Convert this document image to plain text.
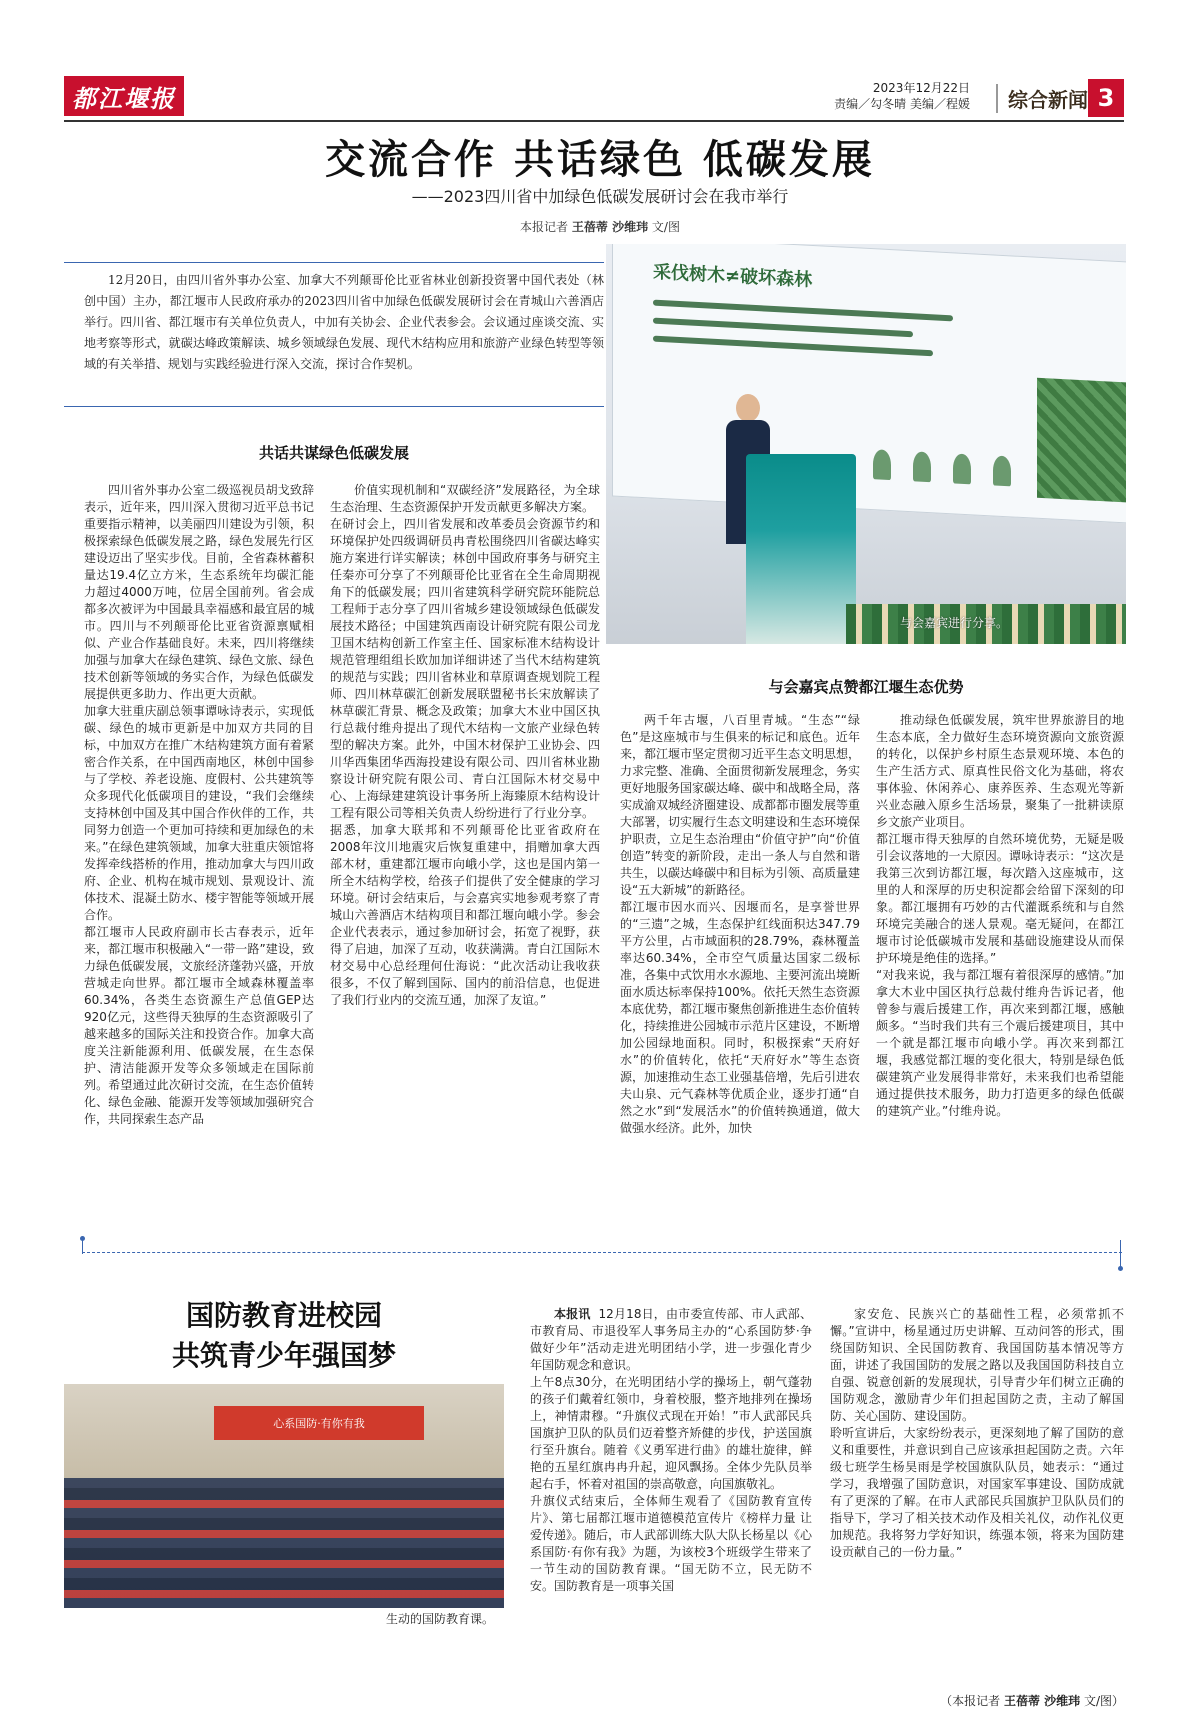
都江堰报	2023年12月22日
责编／勾冬晴 美编／程媛	综合新闻 3
交流合作 共话绿色 低碳发展
——2023四川省中加绿色低碳发展研讨会在我市举行
本报记者 王蓓蒂 沙维玮 文/图
12月20日，由四川省外事办公室、加拿大不列颠哥伦比亚省林业创新投资署中国代表处（林创中国）主办，都江堰市人民政府承办的2023四川省中加绿色低碳发展研讨会在青城山六善酒店举行。四川省、都江堰市有关单位负责人，中加有关协会、企业代表参会。会议通过座谈交流、实地考察等形式，就碳达峰政策解读、城乡领域绿色发展、现代木结构应用和旅游产业绿色转型等领域的有关举措、规划与实践经验进行深入交流，探讨合作契机。
采伐树木≠破坏森林
与会嘉宾进行分享。
共话共谋绿色低碳发展
与会嘉宾点赞都江堰生态优势
四川省外事办公室二级巡视员胡戈致辞表示，近年来，四川深入贯彻习近平总书记重要指示精神，以美丽四川建设为引领，积极探索绿色低碳发展之路，绿色发展先行区建设迈出了坚实步伐。目前，全省森林蓄积量达19.4亿立方米，生态系统年均碳汇能力超过4000万吨，位居全国前列。省会成都多次被评为中国最具幸福感和最宜居的城市。四川与不列颠哥伦比亚省资源禀赋相似、产业合作基础良好。未来，四川将继续加强与加拿大在绿色建筑、绿色文旅、绿色技术创新等领域的务实合作，为绿色低碳发展提供更多助力、作出更大贡献。
加拿大驻重庆副总领事谭咏诗表示，实现低碳、绿色的城市更新是中加双方共同的目标，中加双方在推广木结构建筑方面有着紧密合作关系，在中国西南地区，林创中国参与了学校、养老设施、度假村、公共建筑等众多现代化低碳项目的建设，“我们会继续支持林创中国及其中国合作伙伴的工作，共同努力创造一个更加可持续和更加绿色的未来。”在绿色建筑领域，加拿大驻重庆领馆将发挥牵线搭桥的作用，推动加拿大与四川政府、企业、机构在城市规划、景观设计、流体技术、混凝土防水、楼宇智能等领域开展合作。
都江堰市人民政府副市长古春表示，近年来，都江堰市积极融入“一带一路”建设，致力绿色低碳发展，文旅经济蓬勃兴盛，开放营城走向世界。都江堰市全域森林覆盖率60.34%，各类生态资源生产总值GEP达920亿元，这些得天独厚的生态资源吸引了越来越多的国际关注和投资合作。加拿大高度关注新能源利用、低碳发展，在生态保护、清洁能源开发等众多领域走在国际前列。希望通过此次研讨交流，在生态价值转化、绿色金融、能源开发等领域加强研究合作，共同探索生态产品
价值实现机制和“双碳经济”发展路径，为全球生态治理、生态资源保护开发贡献更多解决方案。
在研讨会上，四川省发展和改革委员会资源节约和环境保护处四级调研员冉青松围绕四川省碳达峰实施方案进行详实解读；林创中国政府事务与研究主任秦亦可分享了不列颠哥伦比亚省在全生命周期视角下的低碳发展；四川省建筑科学研究院环能院总工程师于志分享了四川省城乡建设领域绿色低碳发展技术路径；中国建筑西南设计研究院有限公司龙卫国木结构创新工作室主任、国家标准木结构设计规范管理组组长欧加加详细讲述了当代木结构建筑的规范与实践；四川省林业和草原调查规划院工程师、四川林草碳汇创新发展联盟秘书长宋放解读了林草碳汇背景、概念及政策；加拿大木业中国区执行总裁付维舟提出了现代木结构一文旅产业绿色转型的解决方案。此外，中国木材保护工业协会、四川华西集团华西海投建设有限公司、四川省林业勘察设计研究院有限公司、青白江国际木材交易中心、上海绿建建筑设计事务所上海臻原木结构设计工程有限公司等相关负责人纷纷进行了行业分享。
据悉，加拿大联邦和不列颠哥伦比亚省政府在2008年汶川地震灾后恢复重建中，捐赠加拿大西部木材，重建都江堰市向峨小学，这也是国内第一所全木结构学校，给孩子们提供了安全健康的学习环境。研讨会结束后，与会嘉宾实地参观考察了青城山六善酒店木结构项目和都江堰向峨小学。参会企业代表表示，通过参加研讨会，拓宽了视野，获得了启迪，加深了互动，收获满满。青白江国际木材交易中心总经理何仕海说：“此次活动让我收获很多，不仅了解到国际、国内的前沿信息，也促进了我们行业内的交流互通，加深了友谊。”
两千年古堰，八百里青城。“生态”“绿色”是这座城市与生俱来的标记和底色。近年来，都江堰市坚定贯彻习近平生态文明思想，力求完整、准确、全面贯彻新发展理念，务实更好地服务国家碳达峰、碳中和战略全局，落实成渝双城经济圈建设、成都都市圈发展等重大部署，切实履行生态文明建设和生态环境保护职责，立足生态治理由“价值守护”向“价值创造”转变的新阶段，走出一条人与自然和谐共生，以碳达峰碳中和目标为引领、高质量建设“五大新城”的新路径。
都江堰市因水而兴、因堰而名，是享誉世界的“三遗”之城，生态保护红线面积达347.79平方公里，占市域面积的28.79%，森林覆盖率达60.34%，全市空气质量达国家二级标准，各集中式饮用水水源地、主要河流出境断面水质达标率保持100%。依托天然生态资源本底优势，都江堰市聚焦创新推进生态价值转化，持续推进公园城市示范片区建设，不断增加公园绿地面积。同时，积极探索“天府好水”的价值转化，依托“天府好水”等生态资源，加速推动生态工业强基倍增，先后引进农夫山泉、元气森林等优质企业，逐步打通“自然之水”到“发展活水”的价值转换通道，做大做强水经济。此外，加快
推动绿色低碳发展，筑牢世界旅游目的地生态本底，全力做好生态环境资源向文旅资源的转化，以保护乡村原生态景观环境、本色的生产生活方式、原真性民俗文化为基础，将农事体验、休闲养心、康养医养、生态观光等新兴业态融入原乡生活场景，聚集了一批耕读原乡文旅产业项目。
都江堰市得天独厚的自然环境优势，无疑是吸引会议落地的一大原因。谭咏诗表示：“这次是我第三次到访都江堰，每次踏入这座城市，这里的人和深厚的历史积淀都会给留下深刻的印象。都江堰拥有巧妙的古代灌溉系统和与自然环境完美融合的迷人景观。毫无疑问，在都江堰市讨论低碳城市发展和基础设施建设从而保护环境是绝佳的选择。”
“对我来说，我与都江堰有着很深厚的感情。”加拿大木业中国区执行总裁付维舟告诉记者，他曾参与震后援建工作，再次来到都江堰，感触颇多。“当时我们共有三个震后援建项目，其中一个就是都江堰市向峨小学。再次来到都江堰，我感觉都江堰的变化很大，特别是绿色低碳建筑产业发展得非常好，未来我们也希望能通过提供技术服务，助力打造更多的绿色低碳的建筑产业。”付维舟说。
国防教育进校园
共筑青少年强国梦
心系国防·有你有我
生动的国防教育课。
本报讯 12月18日，由市委宣传部、市人武部、市教育局、市退役军人事务局主办的“心系国防梦·争做好少年”活动走进光明团结小学，进一步强化青少年国防观念和意识。
上午8点30分，在光明团结小学的操场上，朝气蓬勃的孩子们戴着红领巾，身着校服，整齐地排列在操场上，神情肃穆。“升旗仪式现在开始！”市人武部民兵国旗护卫队的队员们迈着整齐矫健的步伐，护送国旗行至升旗台。随着《义勇军进行曲》的雄壮旋律，鲜艳的五星红旗冉冉升起，迎风飘扬。全体少先队员举起右手，怀着对祖国的崇高敬意，向国旗敬礼。
升旗仪式结束后，全体师生观看了《国防教育宣传片》、第七届都江堰市道德模范宣传片《榜样力量 让爱传递》。随后，市人武部训练大队大队长杨星以《心系国防·有你有我》为题，为该校3个班级学生带来了一节生动的国防教育课。“国无防不立，民无防不安。国防教育是一项事关国
家安危、民族兴亡的基础性工程，必须常抓不懈。”宣讲中，杨星通过历史讲解、互动问答的形式，围绕国防知识、全民国防教育、我国国防基本情况等方面，讲述了我国国防的发展之路以及我国国防科技自立自强、锐意创新的发展现状，引导青少年们树立正确的国防观念，激励青少年们担起国防之责，主动了解国防、关心国防、建设国防。
聆听宣讲后，大家纷纷表示，更深刻地了解了国防的意义和重要性，并意识到自己应该承担起国防之责。六年级七班学生杨昊雨是学校国旗队队员，她表示：“通过学习，我增强了国防意识，对国家军事建设、国防成就有了更深的了解。在市人武部民兵国旗护卫队队员们的指导下，学习了相关技术动作及相关礼仪，动作礼仪更加规范。我将努力学好知识，练强本领，将来为国防建设贡献自己的一份力量。”
（本报记者 王蓓蒂 沙维玮 文/图）
